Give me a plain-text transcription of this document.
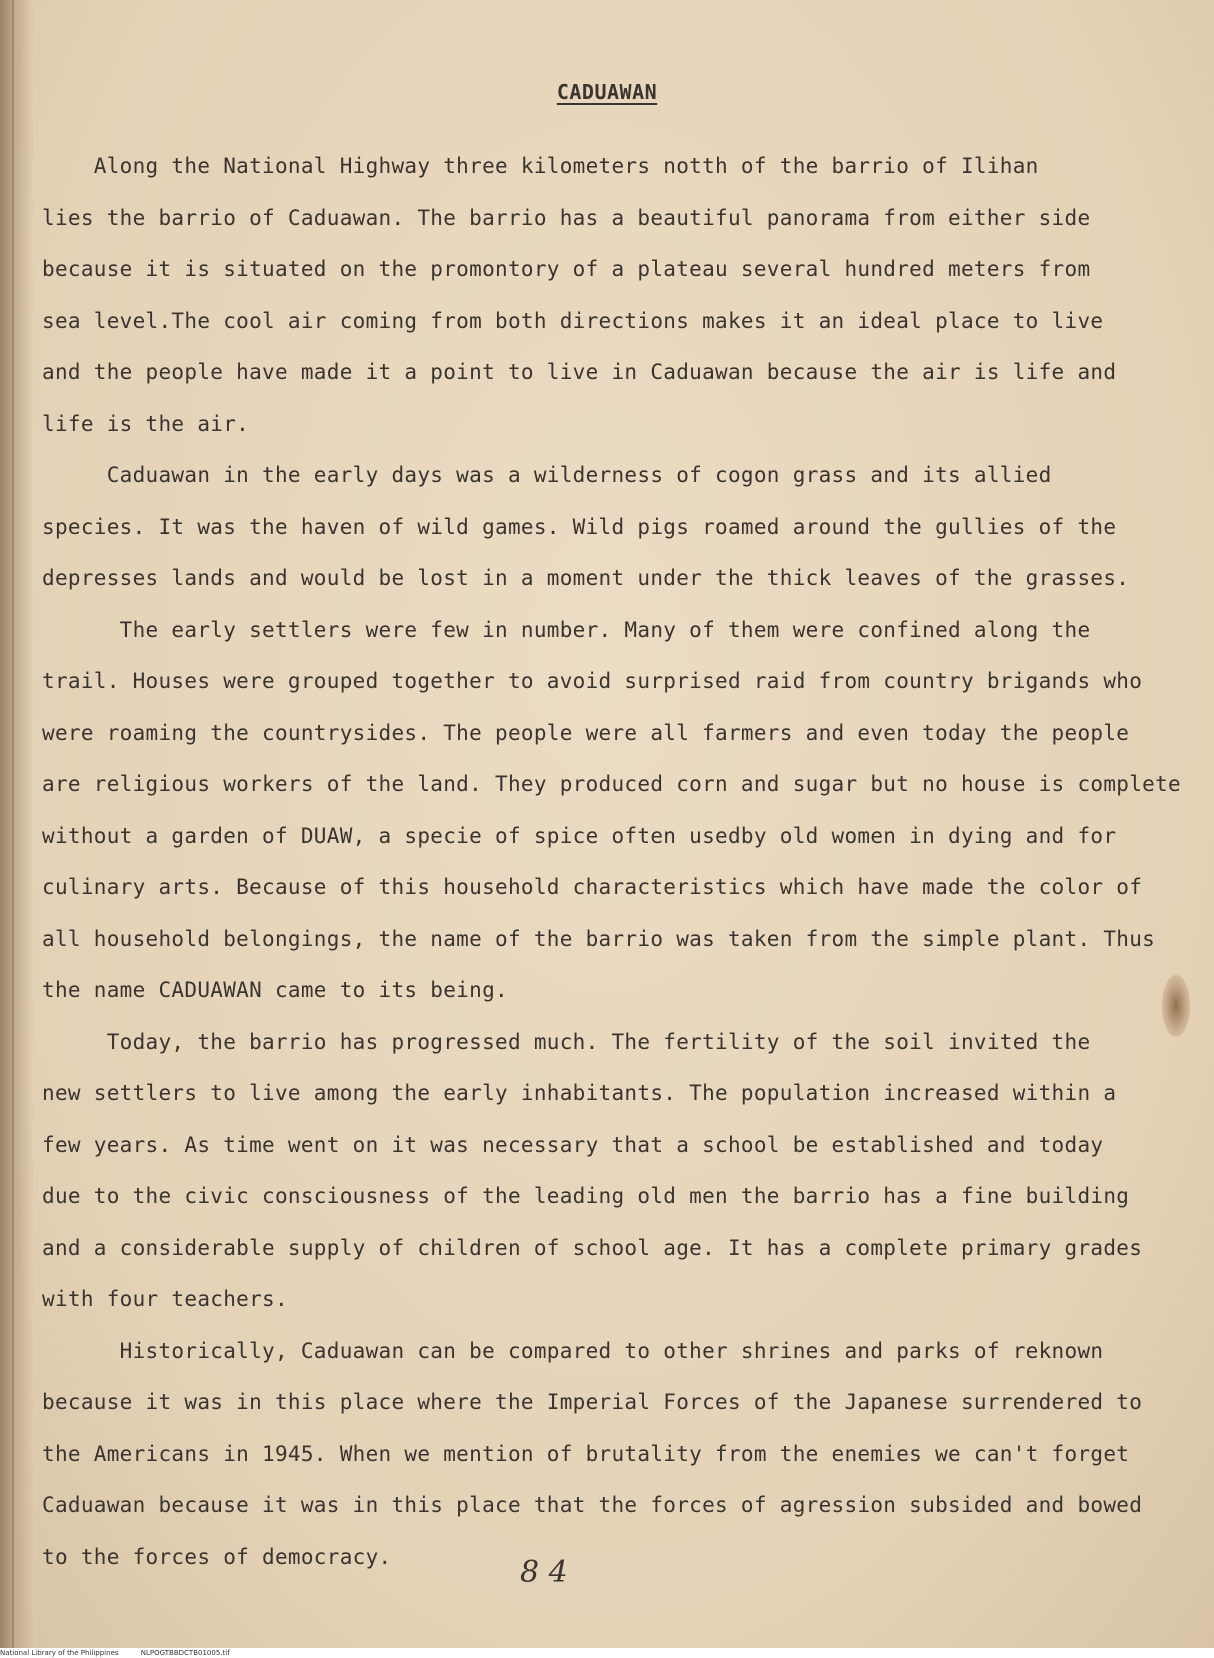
CADUAWAN
Along the National Highway three kilometers notth of the barrio of Ilihan
lies the barrio of Caduawan. The barrio has a beautiful panorama from either side
because it is situated on the promontory of a plateau several hundred meters from
sea level.The cool air coming from both directions makes it an ideal place to live
and the people have made it a point to live in Caduawan because the air is life and
life is the air.
Caduawan in the early days was a wilderness of cogon grass and its allied
species. It was the haven of wild games. Wild pigs roamed around the gullies of the
depresses lands and would be lost in a moment under the thick leaves of the grasses.
The early settlers were few in number. Many of them were confined along the
trail. Houses were grouped together to avoid surprised raid from country brigands who
were roaming the countrysides. The people were all farmers and even today the people
are religious workers of the land. They produced corn and sugar but no house is complete
without a garden of DUAW, a specie of spice often usedby old women in dying and for
culinary arts. Because of this household characteristics which have made the color of
all household belongings, the name of the barrio was taken from the simple plant. Thus
the name CADUAWAN came to its being.
Today, the barrio has progressed much. The fertility of the soil invited the
new settlers to live among the early inhabitants. The population increased within a
few years. As time went on it was necessary that a school be established and today
due to the civic consciousness of the leading old men the barrio has a fine building
and a considerable supply of children of school age. It has a complete primary grades
with four teachers.
Historically, Caduawan can be compared to other shrines and parks of reknown
because it was in this place where the Imperial Forces of the Japanese surrendered to
the Americans in 1945. When we mention of brutality from the enemies we can't forget
Caduawan because it was in this place that the forces of agression subsided and bowed
to the forces of democracy.	8 4
National Library of the Philippines	NLPOGTBBDCTB01005.tif
